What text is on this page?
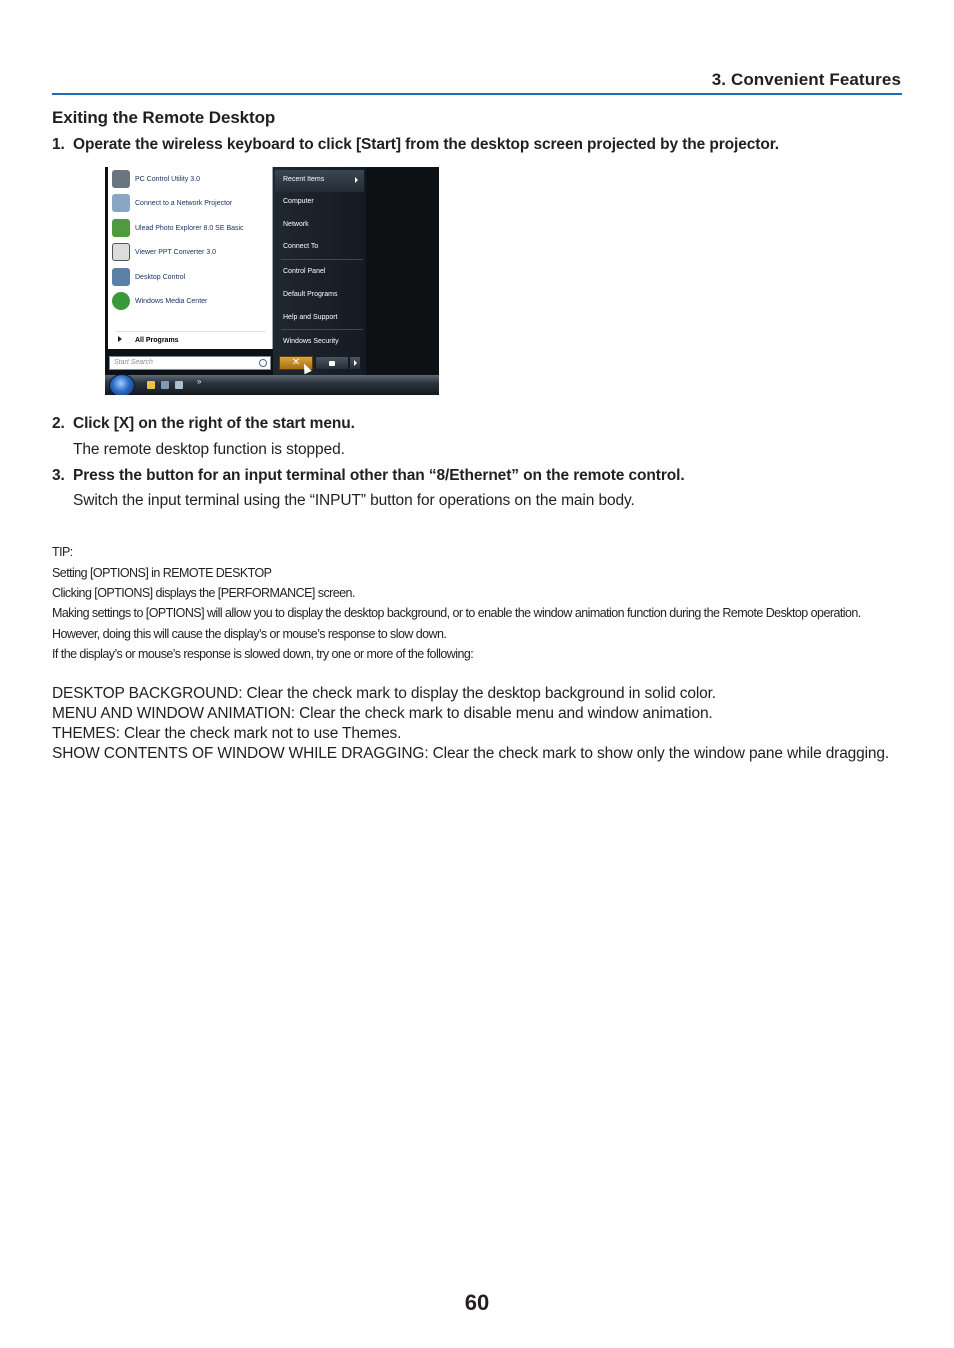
3. Convenient Features
Exiting the Remote Desktop
1. Operate the wireless keyboard to click [Start] from the desktop screen projected by the projector.
PC Control Utility 3.0
Connect to a Network Projector
Ulead Photo Explorer 8.0 SE Basic
Viewer PPT Converter 3.0
Desktop Control
Windows Media Center
All Programs
Start Search
Recent Items
Computer
Network
Connect To
Control Panel
Default Programs
Help and Support
Windows Security
✕
»
2. Click [X] on the right of the start menu.
The remote desktop function is stopped.
3. Press the button for an input terminal other than “8/Ethernet” on the remote control.
Switch the input terminal using the “INPUT” button for operations on the main body.
TIP:
Setting [OPTIONS] in REMOTE DESKTOP
Clicking [OPTIONS] displays the [PERFORMANCE] screen.
Making settings to [OPTIONS] will allow you to display the desktop background, or to enable the window animation function during the Remote Desktop operation.
However, doing this will cause the display’s or mouse’s response to slow down.
If the display’s or mouse’s response is slowed down, try one or more of the following:
DESKTOP BACKGROUND: Clear the check mark to display the desktop background in solid color.
MENU AND WINDOW ANIMATION: Clear the check mark to disable menu and window animation.
THEMES: Clear the check mark not to use Themes.
SHOW CONTENTS OF WINDOW WHILE DRAGGING: Clear the check mark to show only the window pane while dragging.
60
